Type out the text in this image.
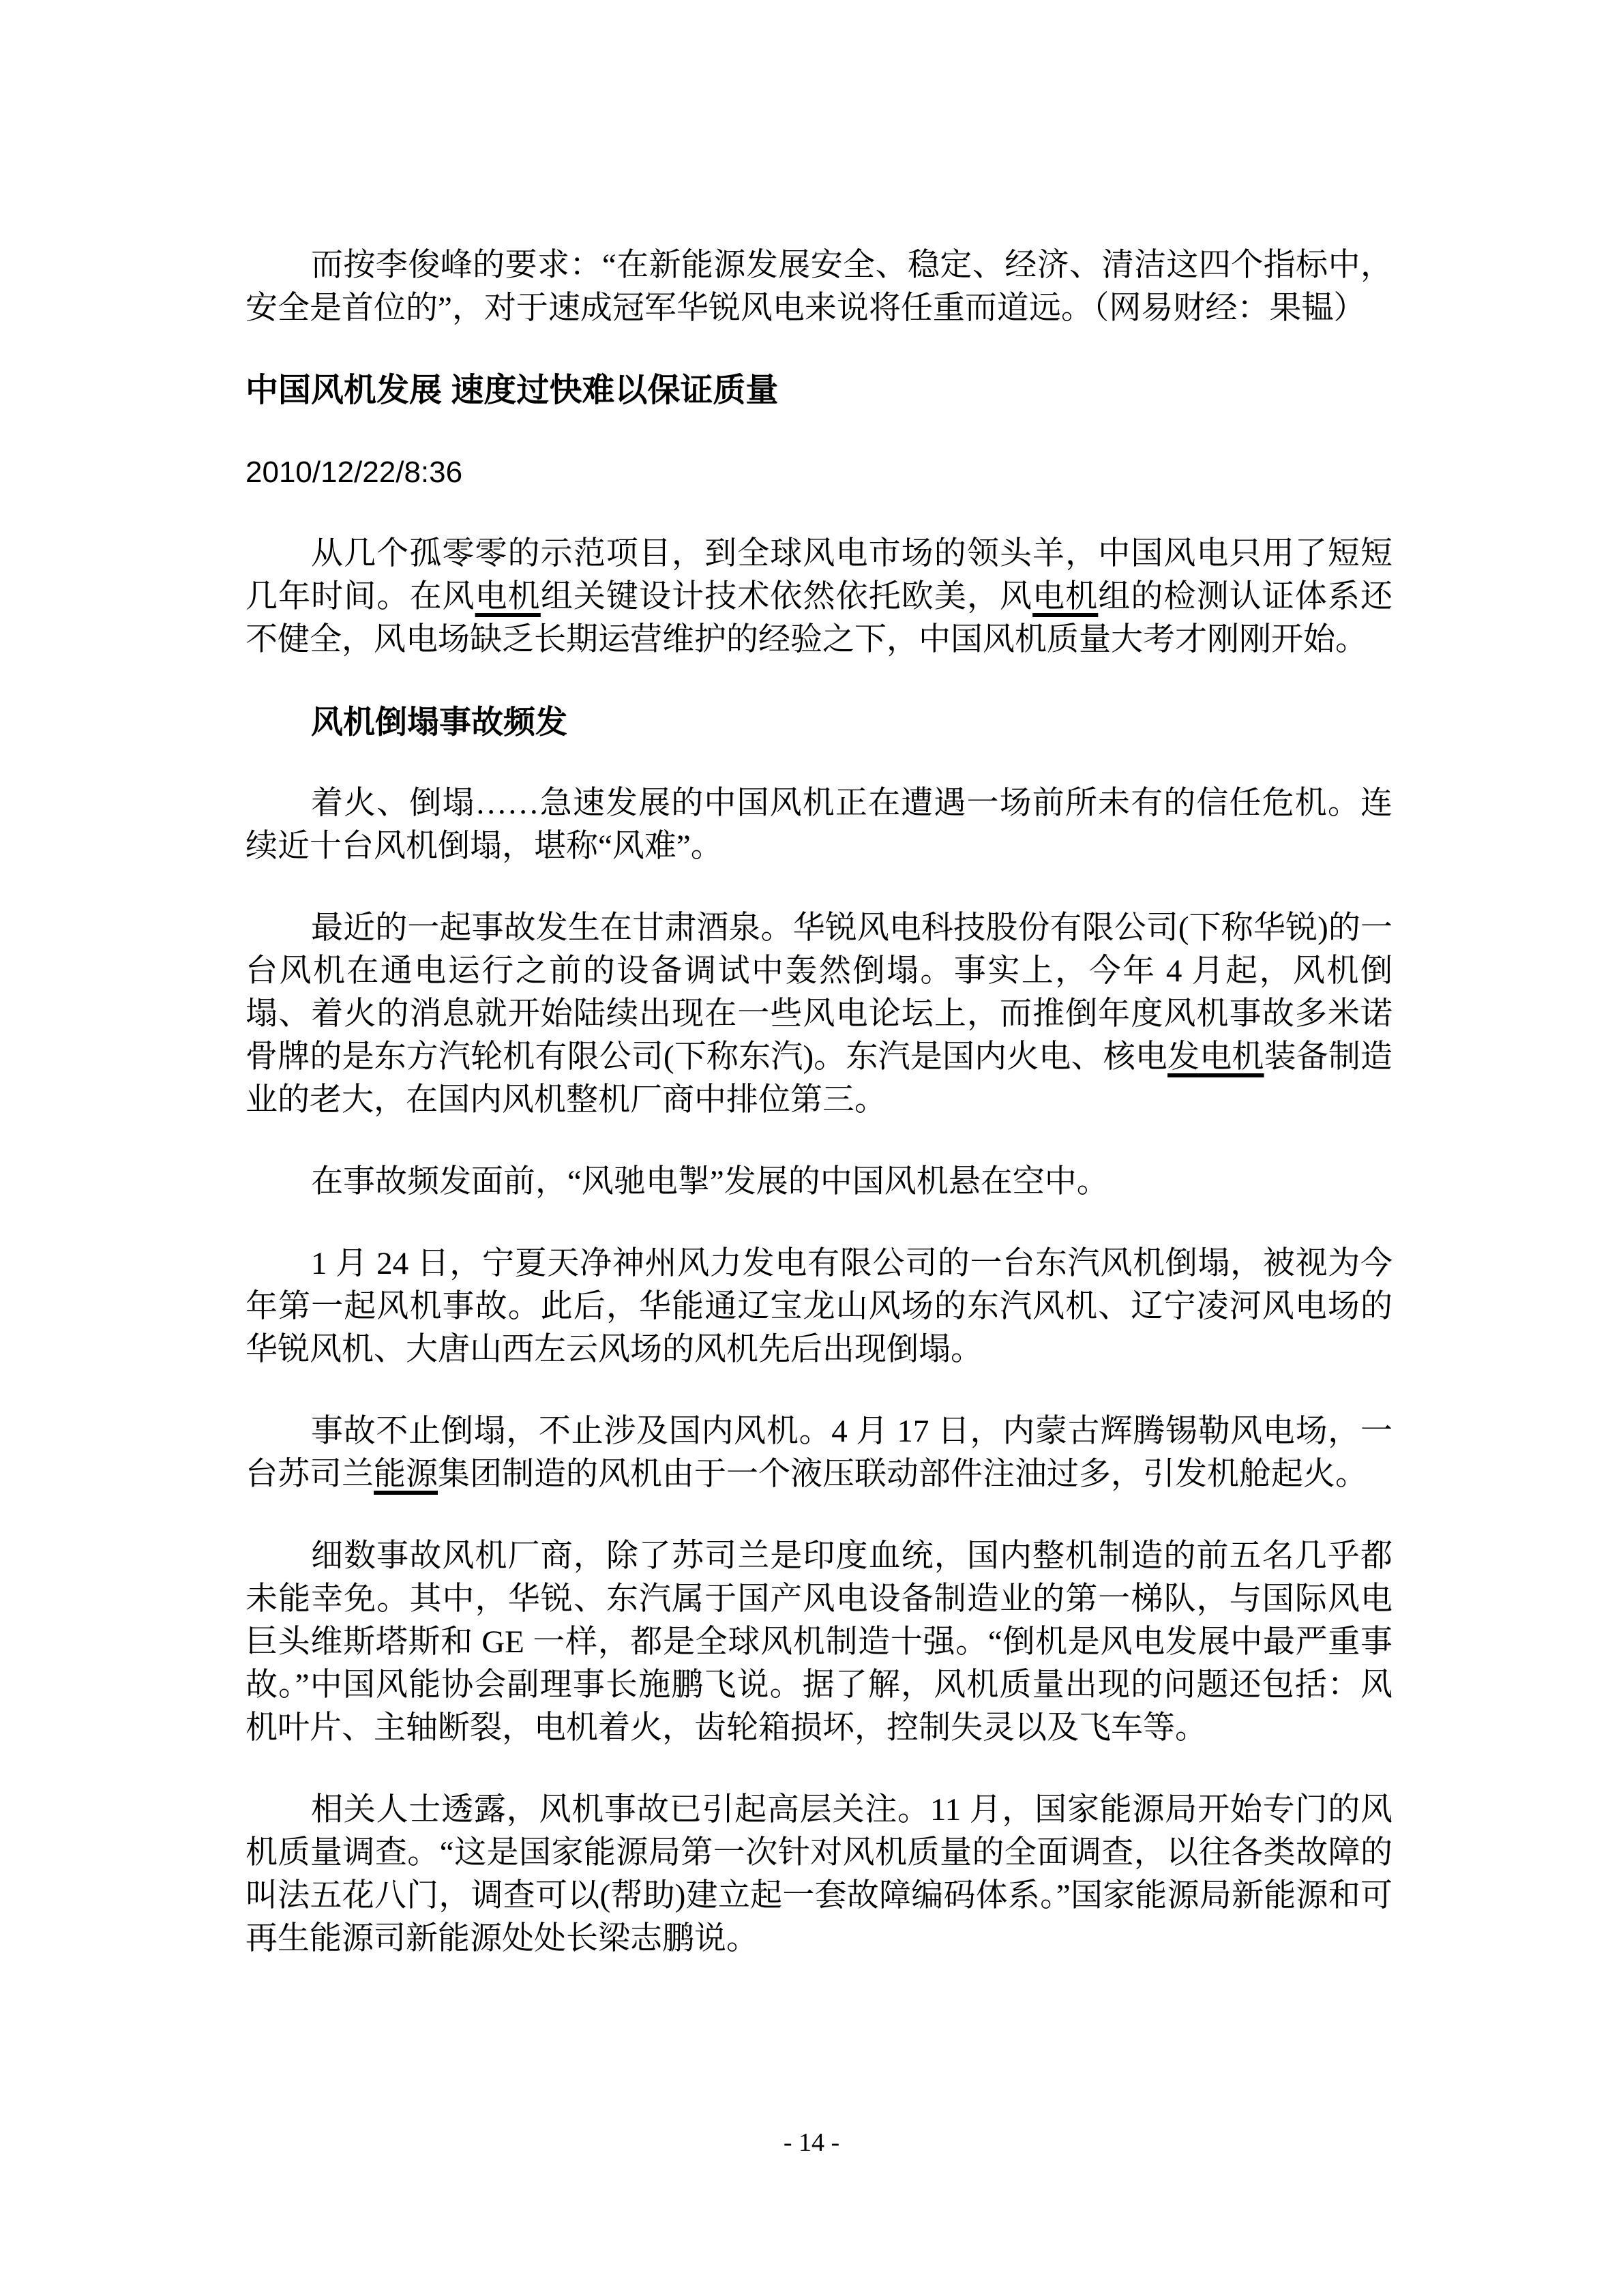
而按李俊峰的要求：“在新能源发展安全、稳定、经济、清洁这四个指标中，安全是首位的”，对于速成冠军华锐风电来说将任重而道远。（网易财经：果韫）

中国风机发展 速度过快难以保证质量

2010/12/22/8:36

从几个孤零零的示范项目，到全球风电市场的领头羊，中国风电只用了短短几年时间。在风电机组关键设计技术依然依托欧美，风电机组的检测认证体系还不健全，风电场缺乏长期运营维护的经验之下，中国风机质量大考才刚刚开始。

风机倒塌事故频发

着火、倒塌……急速发展的中国风机正在遭遇一场前所未有的信任危机。连续近十台风机倒塌，堪称“风难”。

最近的一起事故发生在甘肃酒泉。华锐风电科技股份有限公司(下称华锐)的一台风机在通电运行之前的设备调试中轰然倒塌。事实上，今年 4 月起，风机倒塌、着火的消息就开始陆续出现在一些风电论坛上，而推倒年度风机事故多米诺骨牌的是东方汽轮机有限公司(下称东汽)。东汽是国内火电、核电发电机装备制造业的老大，在国内风机整机厂商中排位第三。

在事故频发面前，“风驰电掣”发展的中国风机悬在空中。

1 月 24 日，宁夏天净神州风力发电有限公司的一台东汽风机倒塌，被视为今年第一起风机事故。此后，华能通辽宝龙山风场的东汽风机、辽宁凌河风电场的华锐风机、大唐山西左云风场的风机先后出现倒塌。

事故不止倒塌，不止涉及国内风机。4 月 17 日，内蒙古辉腾锡勒风电场，一台苏司兰能源集团制造的风机由于一个液压联动部件注油过多，引发机舱起火。

细数事故风机厂商，除了苏司兰是印度血统，国内整机制造的前五名几乎都未能幸免。其中，华锐、东汽属于国产风电设备制造业的第一梯队，与国际风电巨头维斯塔斯和 GE 一样，都是全球风机制造十强。“倒机是风电发展中最严重事故。”中国风能协会副理事长施鹏飞说。据了解，风机质量出现的问题还包括：风机叶片、主轴断裂，电机着火，齿轮箱损坏，控制失灵以及飞车等。

相关人士透露，风机事故已引起高层关注。11 月，国家能源局开始专门的风机质量调查。“这是国家能源局第一次针对风机质量的全面调查，以往各类故障的叫法五花八门，调查可以(帮助)建立起一套故障编码体系。”国家能源局新能源和可再生能源司新能源处处长梁志鹏说。

- 14 -
